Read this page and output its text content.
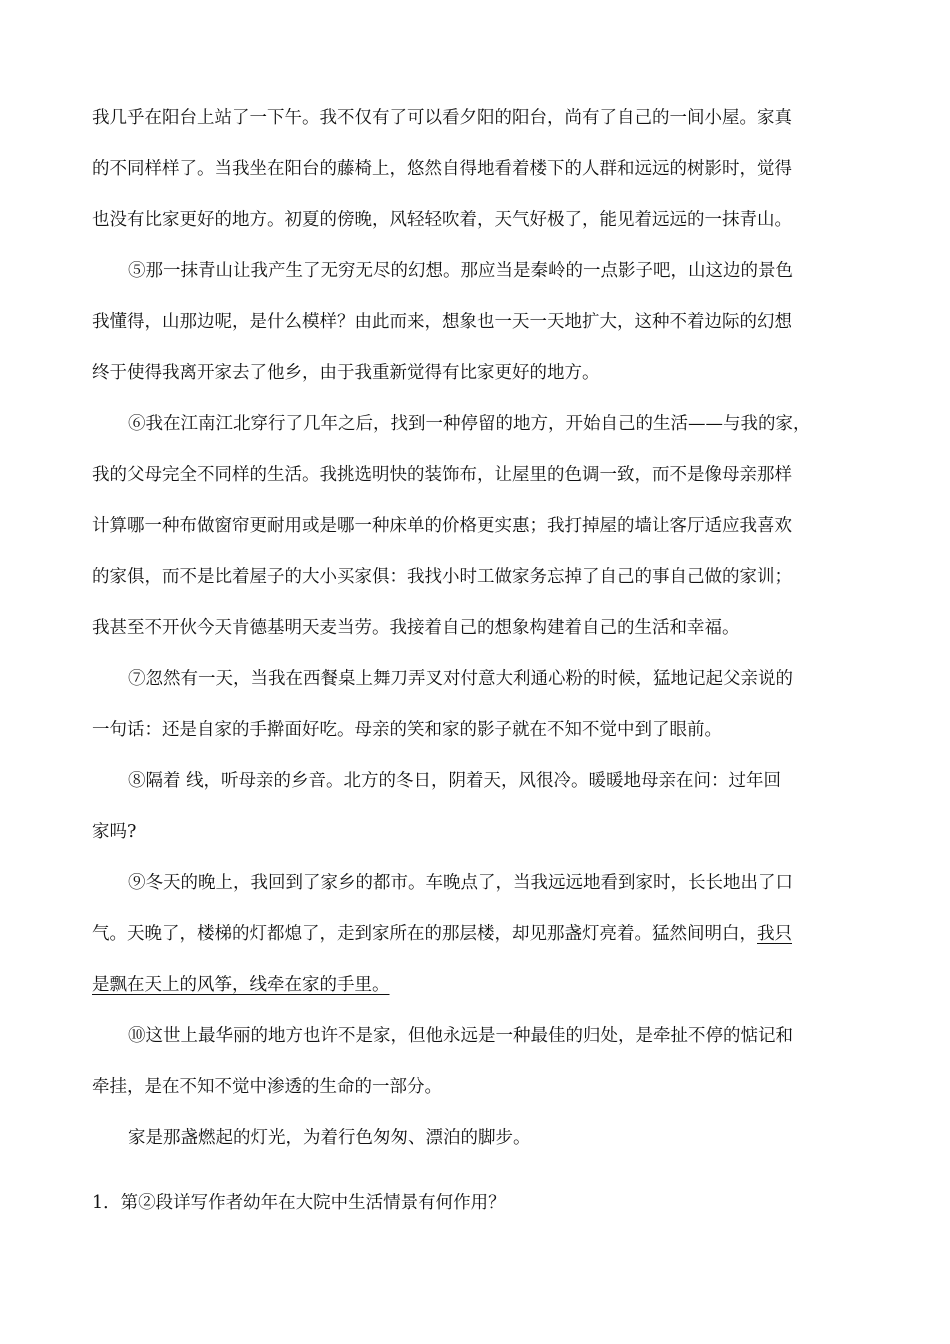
我几乎在阳台上站了一下午。我不仅有了可以看夕阳的阳台，尚有了自己的一间小屋。家真
的不同样样了。当我坐在阳台的藤椅上，悠然自得地看着楼下的人群和远远的树影时，觉得
也没有比家更好的地方。初夏的傍晚，风轻轻吹着，天气好极了，能见着远远的一抹青山。
⑤那一抹青山让我产生了无穷无尽的幻想。那应当是秦岭的一点影子吧，山这边的景色
我懂得，山那边呢，是什么模样？由此而来，想象也一天一天地扩大，这种不着边际的幻想
终于使得我离开家去了他乡，由于我重新觉得有比家更好的地方。
⑥我在江南江北穿行了几年之后，找到一种停留的地方，开始自己的生活——与我的家，
我的父母完全不同样的生活。我挑选明快的装饰布，让屋里的色调一致，而不是像母亲那样
计算哪一种布做窗帘更耐用或是哪一种床单的价格更实惠；我打掉屋的墙让客厅适应我喜欢
的家俱，而不是比着屋子的大小买家俱：我找小时工做家务忘掉了自己的事自己做的家训；
我甚至不开伙今天肯德基明天麦当劳。我接着自己的想象构建着自己的生活和幸福。
⑦忽然有一天，当我在西餐桌上舞刀弄叉对付意大利通心粉的时候，猛地记起父亲说的
一句话：还是自家的手擀面好吃。母亲的笑和家的影子就在不知不觉中到了眼前。
⑧隔着 线，听母亲的乡音。北方的冬日，阴着天，风很冷。暖暖地母亲在问：过年回
家吗?
⑨冬天的晚上，我回到了家乡的都市。车晚点了，当我远远地看到家时，长长地出了口
气。天晚了，楼梯的灯都熄了，走到家所在的那层楼，却见那盏灯亮着。猛然间明白，我只
是飘在天上的风筝，线牵在家的手里。
⑩这世上最华丽的地方也许不是家，但他永远是一种最佳的归处，是牵扯不停的惦记和
牵挂，是在不知不觉中渗透的生命的一部分。
家是那盏燃起的灯光，为着行色匆匆、漂泊的脚步。

1．第②段详写作者幼年在大院中生活情景有何作用？
